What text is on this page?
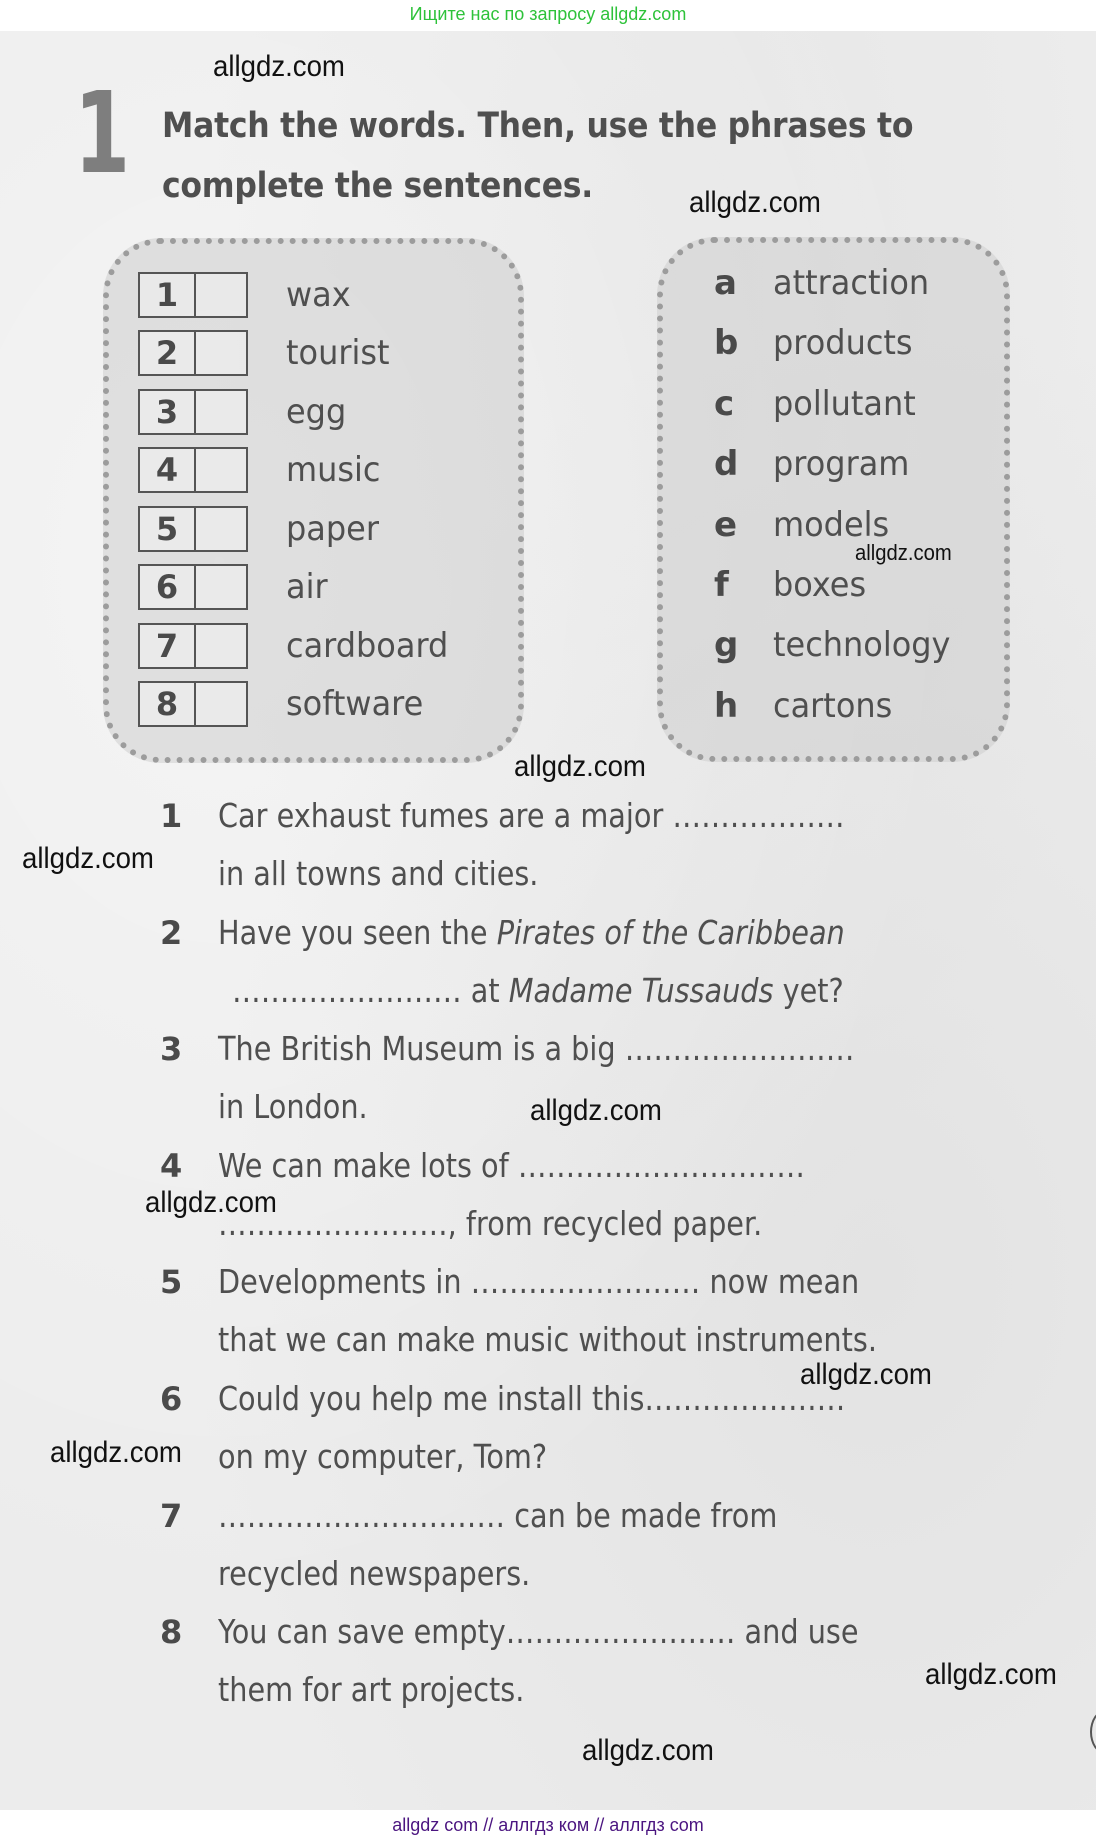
Ищите нас по запросу allgdz.com
1 Match the words. Then, use the phrases to
complete the sentences.
1	wax
2	tourist
3	egg
4	music
5	paper
6	air
7	cardboard
8	software
a attraction
b products
c pollutant
d program
e models
f boxes
g technology
h cartons
1 Car exhaust fumes are a major ………………
in all towns and cities.
2 Have you seen the Pirates of the Caribbean
…………………… at Madame Tussauds yet?
3 The British Museum is a big ……………………
in London.
4 We can make lots of …………………………
……………………, from recycled paper.
5 Developments in …………………… now mean
that we can make music without instruments.
6 Could you help me install this…………………
on my computer, Tom?
7 ………………………… can be made from
recycled newspapers.
8 You can save empty…………………… and use
them for art projects.
allgdz.com
allgdz.com
allgdz.com
allgdz.com
allgdz.com
allgdz.com
allgdz.com
allgdz.com
allgdz.com
allgdz.com
allgdz.com
allgdz com // аллгдз ком // аллгдз com
